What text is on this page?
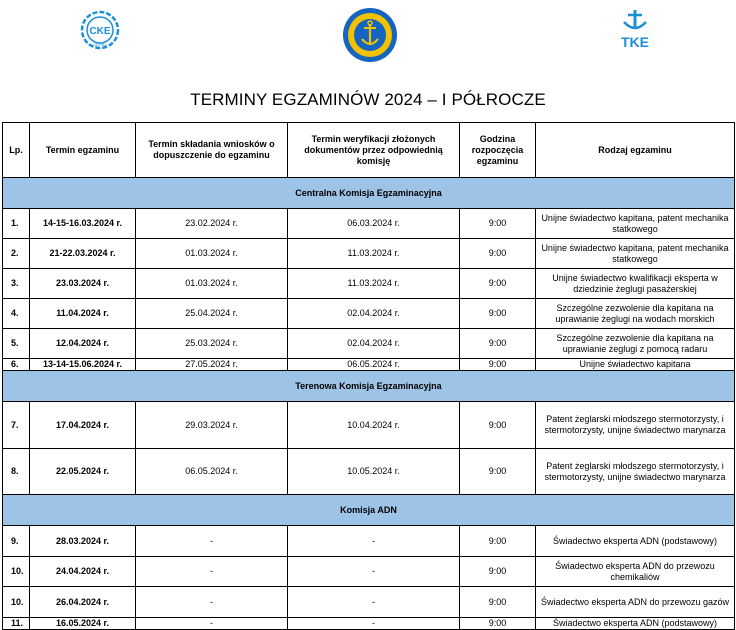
CKE
GDYNIA	TKE
TERMINY EGZAMINÓW 2024 – I PÓŁROCZE
Lp.	Termin egzaminu	Termin składania wniosków o dopuszczenie do egzaminu	Termin weryfikacji złożonych dokumentów przez odpowiednią komisję	Godzina rozpoczęcia egzaminu	Rodzaj egzaminu
Centralna Komisja Egzaminacyjna					
1.	14-15-16.03.2024 r.	23.02.2024 r.	06.03.2024 r.	9:00	Unijne świadectwo kapitana, patent mechanika statkowego
2.	21-22.03.2024 r.	01.03.2024 r.	11.03.2024 r.	9:00	Unijne świadectwo kapitana, patent mechanika statkowego
3.	23.03.2024 r.	01.03.2024 r.	11.03.2024 r.	9:00	Unijne świadectwo kwalifikacji eksperta w dziedzinie żeglugi pasażerskiej
4.	11.04.2024 r.	25.04.2024 r.	02.04.2024 r.	9:00	Szczególne zezwolenie dla kapitana na uprawianie żeglugi na wodach morskich
5.	12.04.2024 r.	25.03.2024 r.	02.04.2024 r.	9:00	Szczególne zezwolenie dla kapitana na uprawianie żeglugi z pomocą radaru
6.	13-14-15.06.2024 r.	27.05.2024 r.	06.05.2024 r.	9:00	Unijne świadectwo kapitana
Terenowa Komisja Egzaminacyjna					
7.	17.04.2024 r.	29.03.2024 r.	10.04.2024 r.	9:00	Patent żeglarski młodszego stermotorzysty, i stermotorzysty, unijne świadectwo marynarza
8.	22.05.2024 r.	06.05.2024 r.	10.05.2024 r.	9:00	Patent żeglarski młodszego stermotorzysty, i stermotorzysty, unijne świadectwo marynarza
Komisja ADN					
9.	28.03.2024 r.	-	-	9:00	Świadectwo eksperta ADN (podstawowy)
10.	24.04.2024 r.	-	-	9:00	Świadectwo eksperta ADN do przewozu chemikaliów
10.	26.04.2024 r.	-	-	9:00	Świadectwo eksperta ADN do przewozu gazów
11.	16.05.2024 r.	-	-	9:00	Świadectwo eksperta ADN (podstawowy)
